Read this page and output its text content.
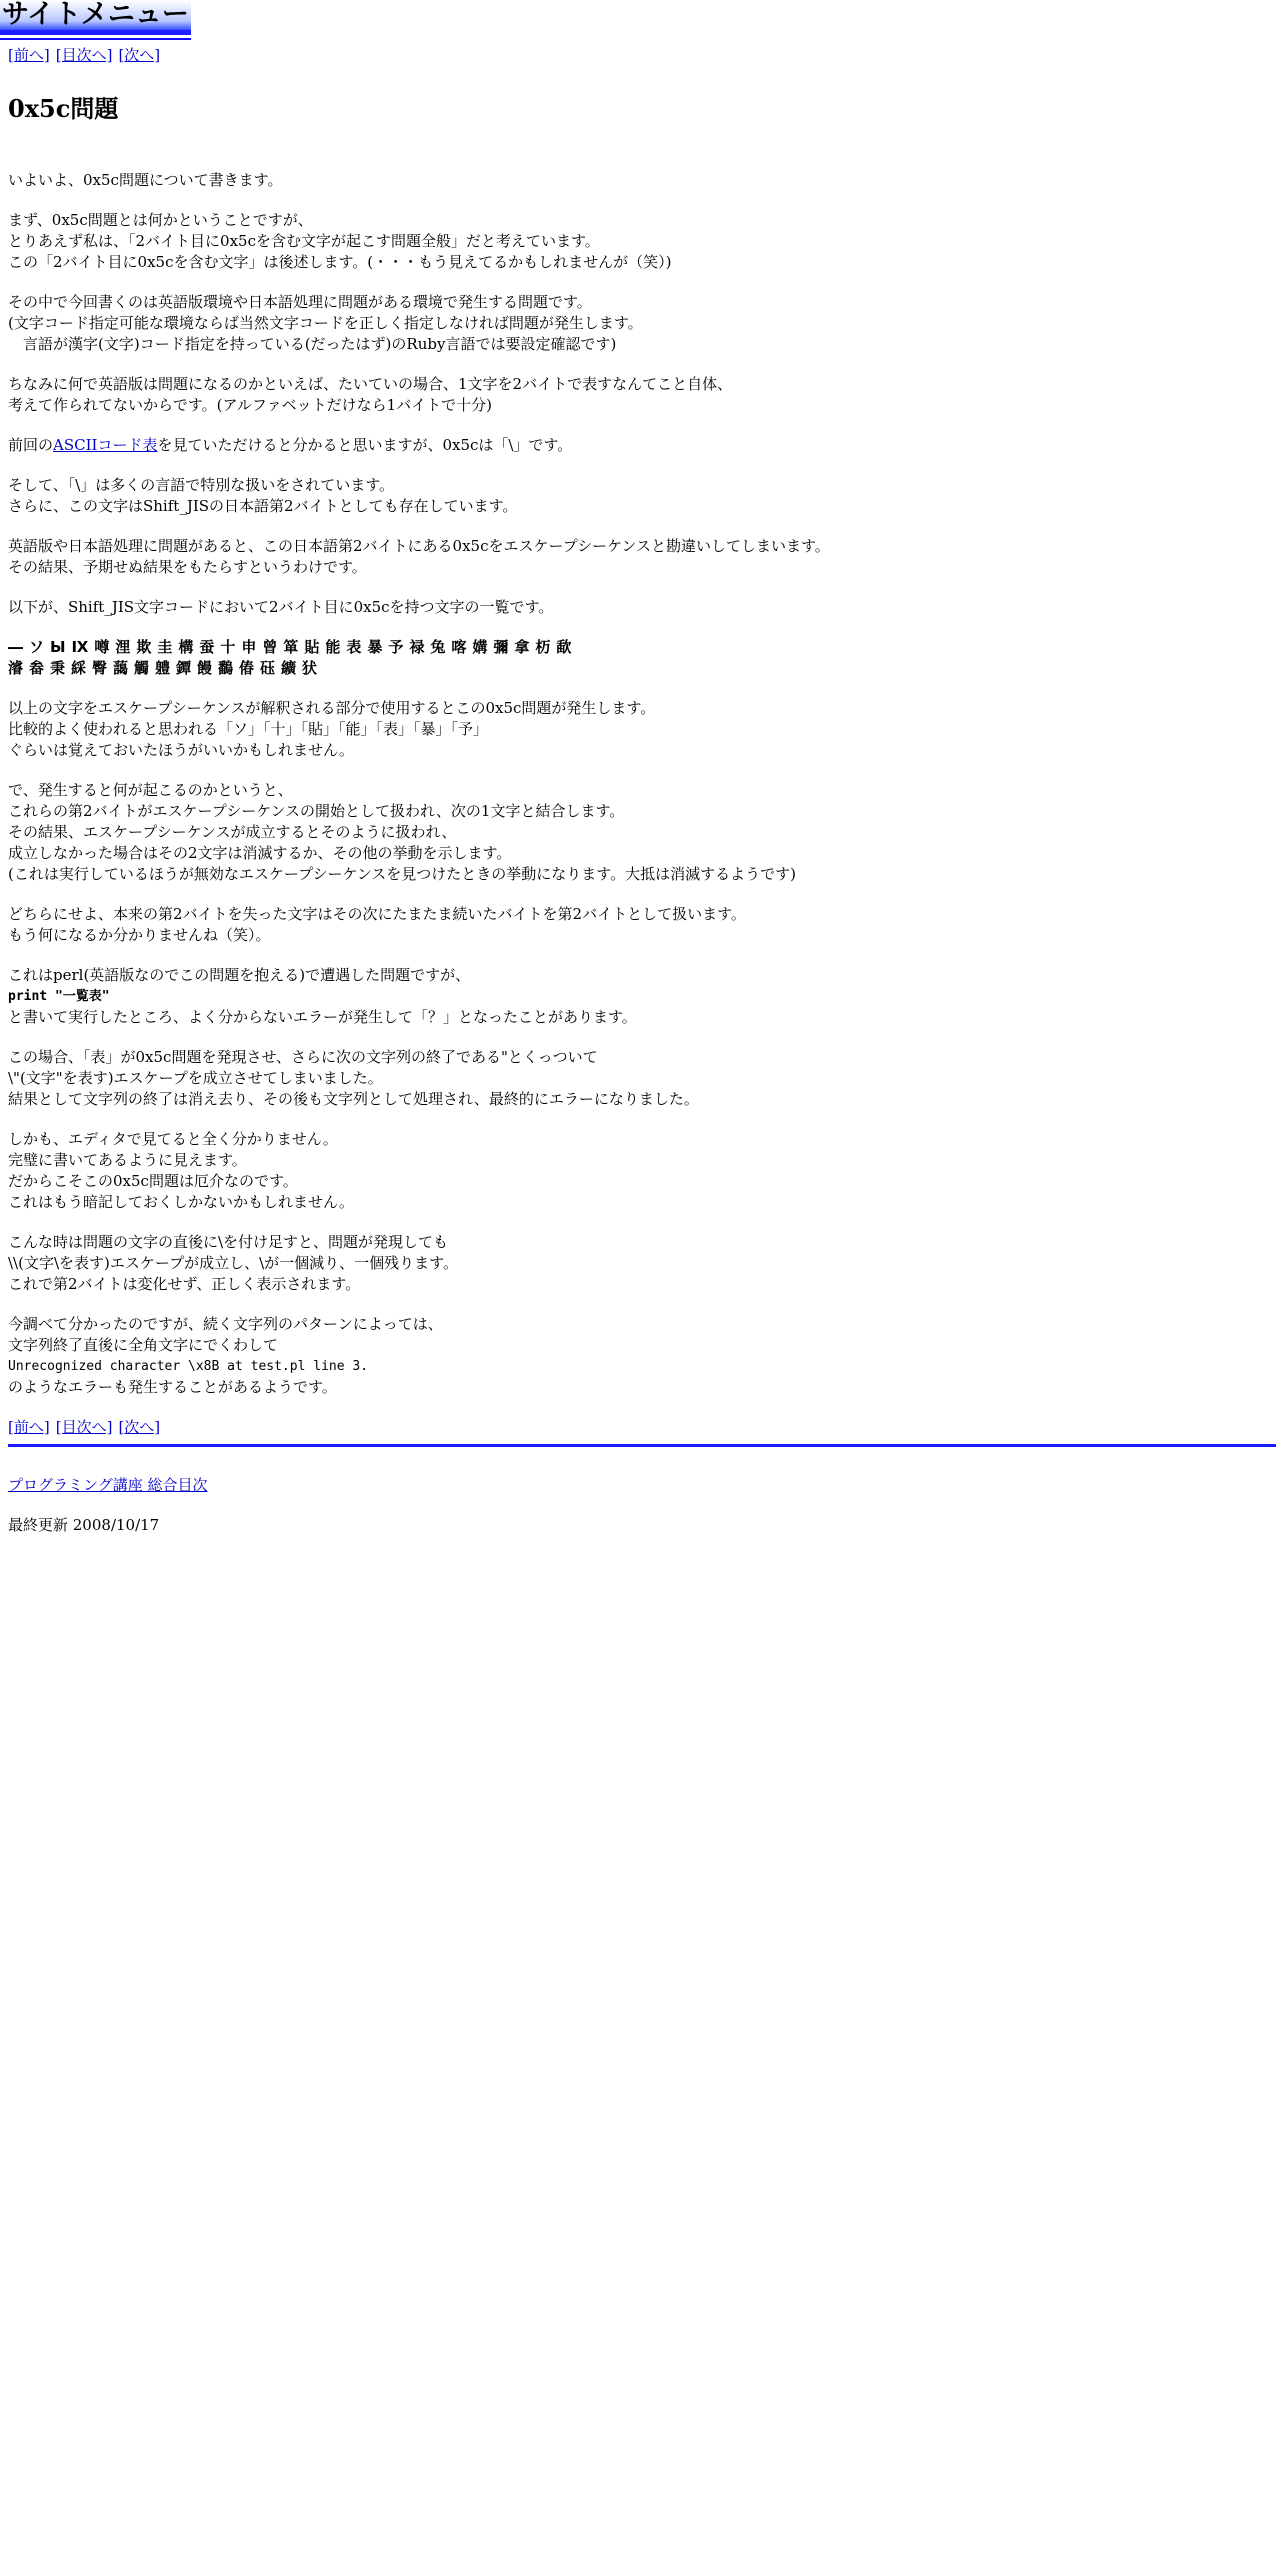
サイトメニュー
[前へ] [目次へ] [次へ]
0x5c問題

いよいよ、0x5c問題について書きます。

まず、0x5c問題とは何かということですが、
とりあえず私は、「2バイト目に0x5cを含む文字が起こす問題全般」だと考えています。
この「2バイト目に0x5cを含む文字」は後述します。(・・・もう見えてるかもしれませんが（笑）)

その中で今回書くのは英語版環境や日本語処理に問題がある環境で発生する問題です。
(文字コード指定可能な環境ならば当然文字コードを正しく指定しなければ問題が発生します。
言語が漢字(文字)コード指定を持っている(だったはず)のRuby言語では要設定確認です)

ちなみに何で英語版は問題になるのかといえば、たいていの場合、1文字を2バイトで表すなんてこと自体、
考えて作られてないからです。(アルファベットだけなら1バイトで十分)

前回のASCIIコード表を見ていただけると分かると思いますが、0x5cは「\」です。

そして、「\」は多くの言語で特別な扱いをされています。
さらに、この文字はShift_JISの日本語第2バイトとしても存在しています。

英語版や日本語処理に問題があると、この日本語第2バイトにある0x5cをエスケープシーケンスと勘違いしてしまいます。
その結果、予期せぬ結果をもたらすというわけです。

以下が、Shift_JIS文字コードにおいて2バイト目に0x5cを持つ文字の一覧です。

―ソЫⅨ噂浬欺圭構蚕十申曾箪貼能表暴予禄兔喀媾彌拿杤歃
濬畚秉綵臀藹觸軆鐔饅鷭偆砡纊犾

以上の文字をエスケープシーケンスが解釈される部分で使用するとこの0x5c問題が発生します。
比較的よく使われると思われる「ソ」「十」「貼」「能」「表」「暴」「予」
ぐらいは覚えておいたほうがいいかもしれません。

で、発生すると何が起こるのかというと、
これらの第2バイトがエスケープシーケンスの開始として扱われ、次の1文字と結合します。
その結果、エスケープシーケンスが成立するとそのように扱われ、
成立しなかった場合はその2文字は消滅するか、その他の挙動を示します。
(これは実行しているほうが無効なエスケープシーケンスを見つけたときの挙動になります。大抵は消滅するようです)

どちらにせよ、本来の第2バイトを失った文字はその次にたまたま続いたバイトを第2バイトとして扱います。
もう何になるか分かりませんね（笑）。

これはperl(英語版なのでこの問題を抱える)で遭遇した問題ですが、
print "一覧表"
と書いて実行したところ、よく分からないエラーが発生して「？」となったことがあります。

この場合、「表」が0x5c問題を発現させ、さらに次の文字列の終了である"とくっついて
\"(文字"を表す)エスケープを成立させてしまいました。
結果として文字列の終了は消え去り、その後も文字列として処理され、最終的にエラーになりました。

しかも、エディタで見てると全く分かりません。
完璧に書いてあるように見えます。
だからこそこの0x5c問題は厄介なのです。
これはもう暗記しておくしかないかもしれません。

こんな時は問題の文字の直後に\を付け足すと、問題が発現しても
\\(文字\を表す)エスケープが成立し、\が一個減り、一個残ります。
これで第2バイトは変化せず、正しく表示されます。

今調べて分かったのですが、続く文字列のパターンによっては、
文字列終了直後に全角文字にでくわして
Unrecognized character \x8B at test.pl line 3.
のようなエラーも発生することがあるようです。

[前へ] [目次へ] [次へ]

プログラミング講座 総合目次

最終更新 2008/10/17
